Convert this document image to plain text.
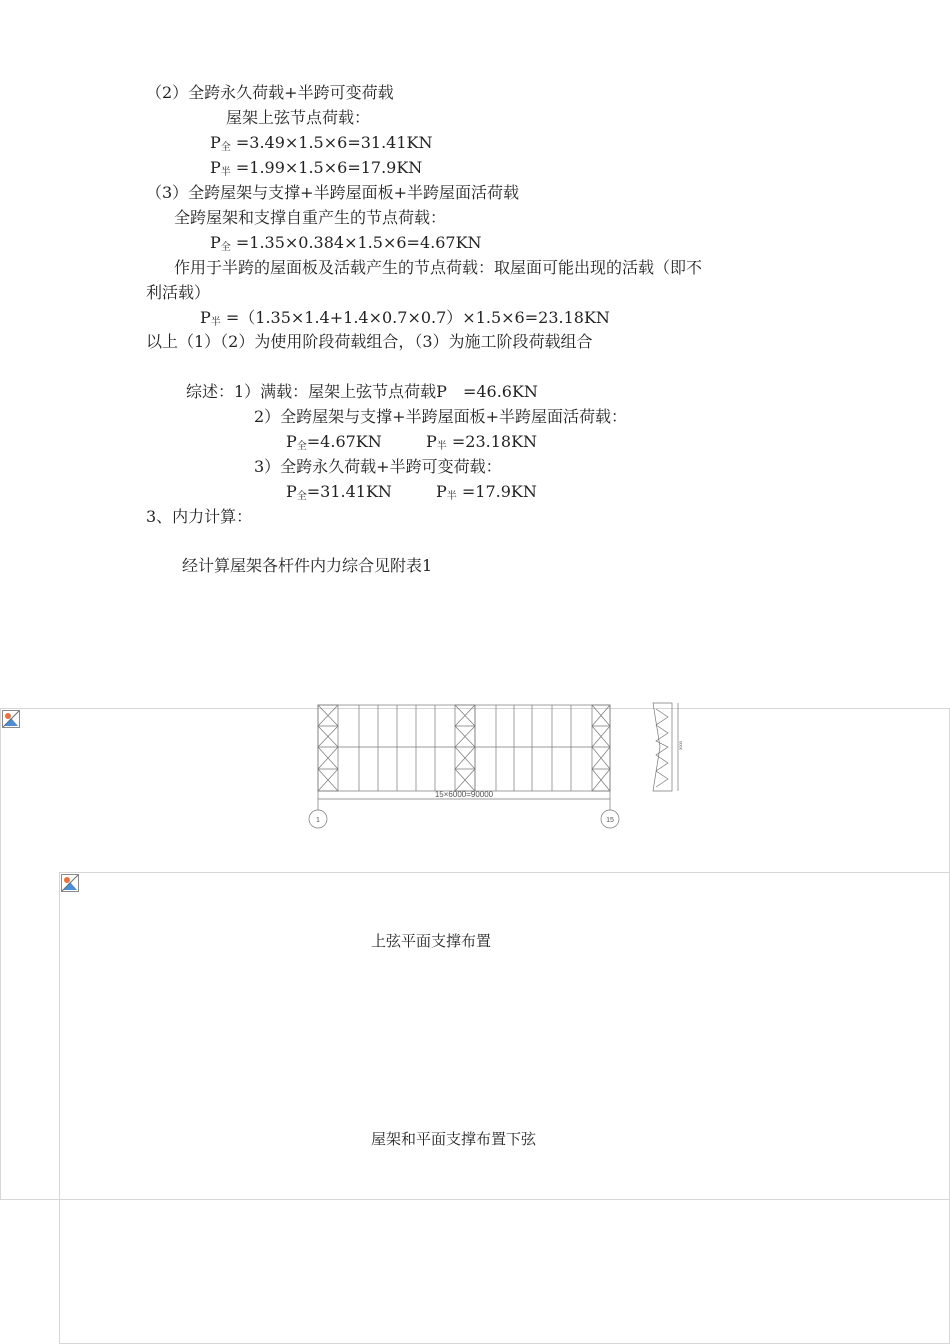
（2）全跨永久荷载+半跨可变荷载
屋架上弦节点荷载：
$P_全 =3.49\times 1.5\times 6=31.41KN$
$P_半 =1.99\times 1.5\times 6=17.9KN$
（3）全跨屋架与支撑+半跨屋面板+半跨屋面活荷载
全跨屋架和支撑自重产生的节点荷载：
$P_全 =1.35\times 0.384\times 1.5\times 6=4.67KN$
作用于半跨的屋面板及活载产生的节点荷载：取屋面可能出现的活载（即不
利活载）
$P_半 =(1.35\times 1.4+1.4\times 0.7\times 0.7)\times 1.5\times 6=23.18KN$
以上（1）（2）为使用阶段荷载组合，（3）为施工阶段荷载组合
综述：1）满载：屋架上弦节点荷载P　=46.6KN
2）全跨屋架与支撑+半跨屋面板+半跨屋面活荷载：
$P_全=4.67KN$	$P_半 =23.18KN$
3）全跨永久荷载+半跨可变荷载：
$P_全=31.41KN$	$P_半 =17.9KN$
3、内力计算：
经计算屋架各杆件内力综合见附表1
15×6000=90000
1	15
3000
上弦平面支撑布置
屋架和平面支撑布置下弦
